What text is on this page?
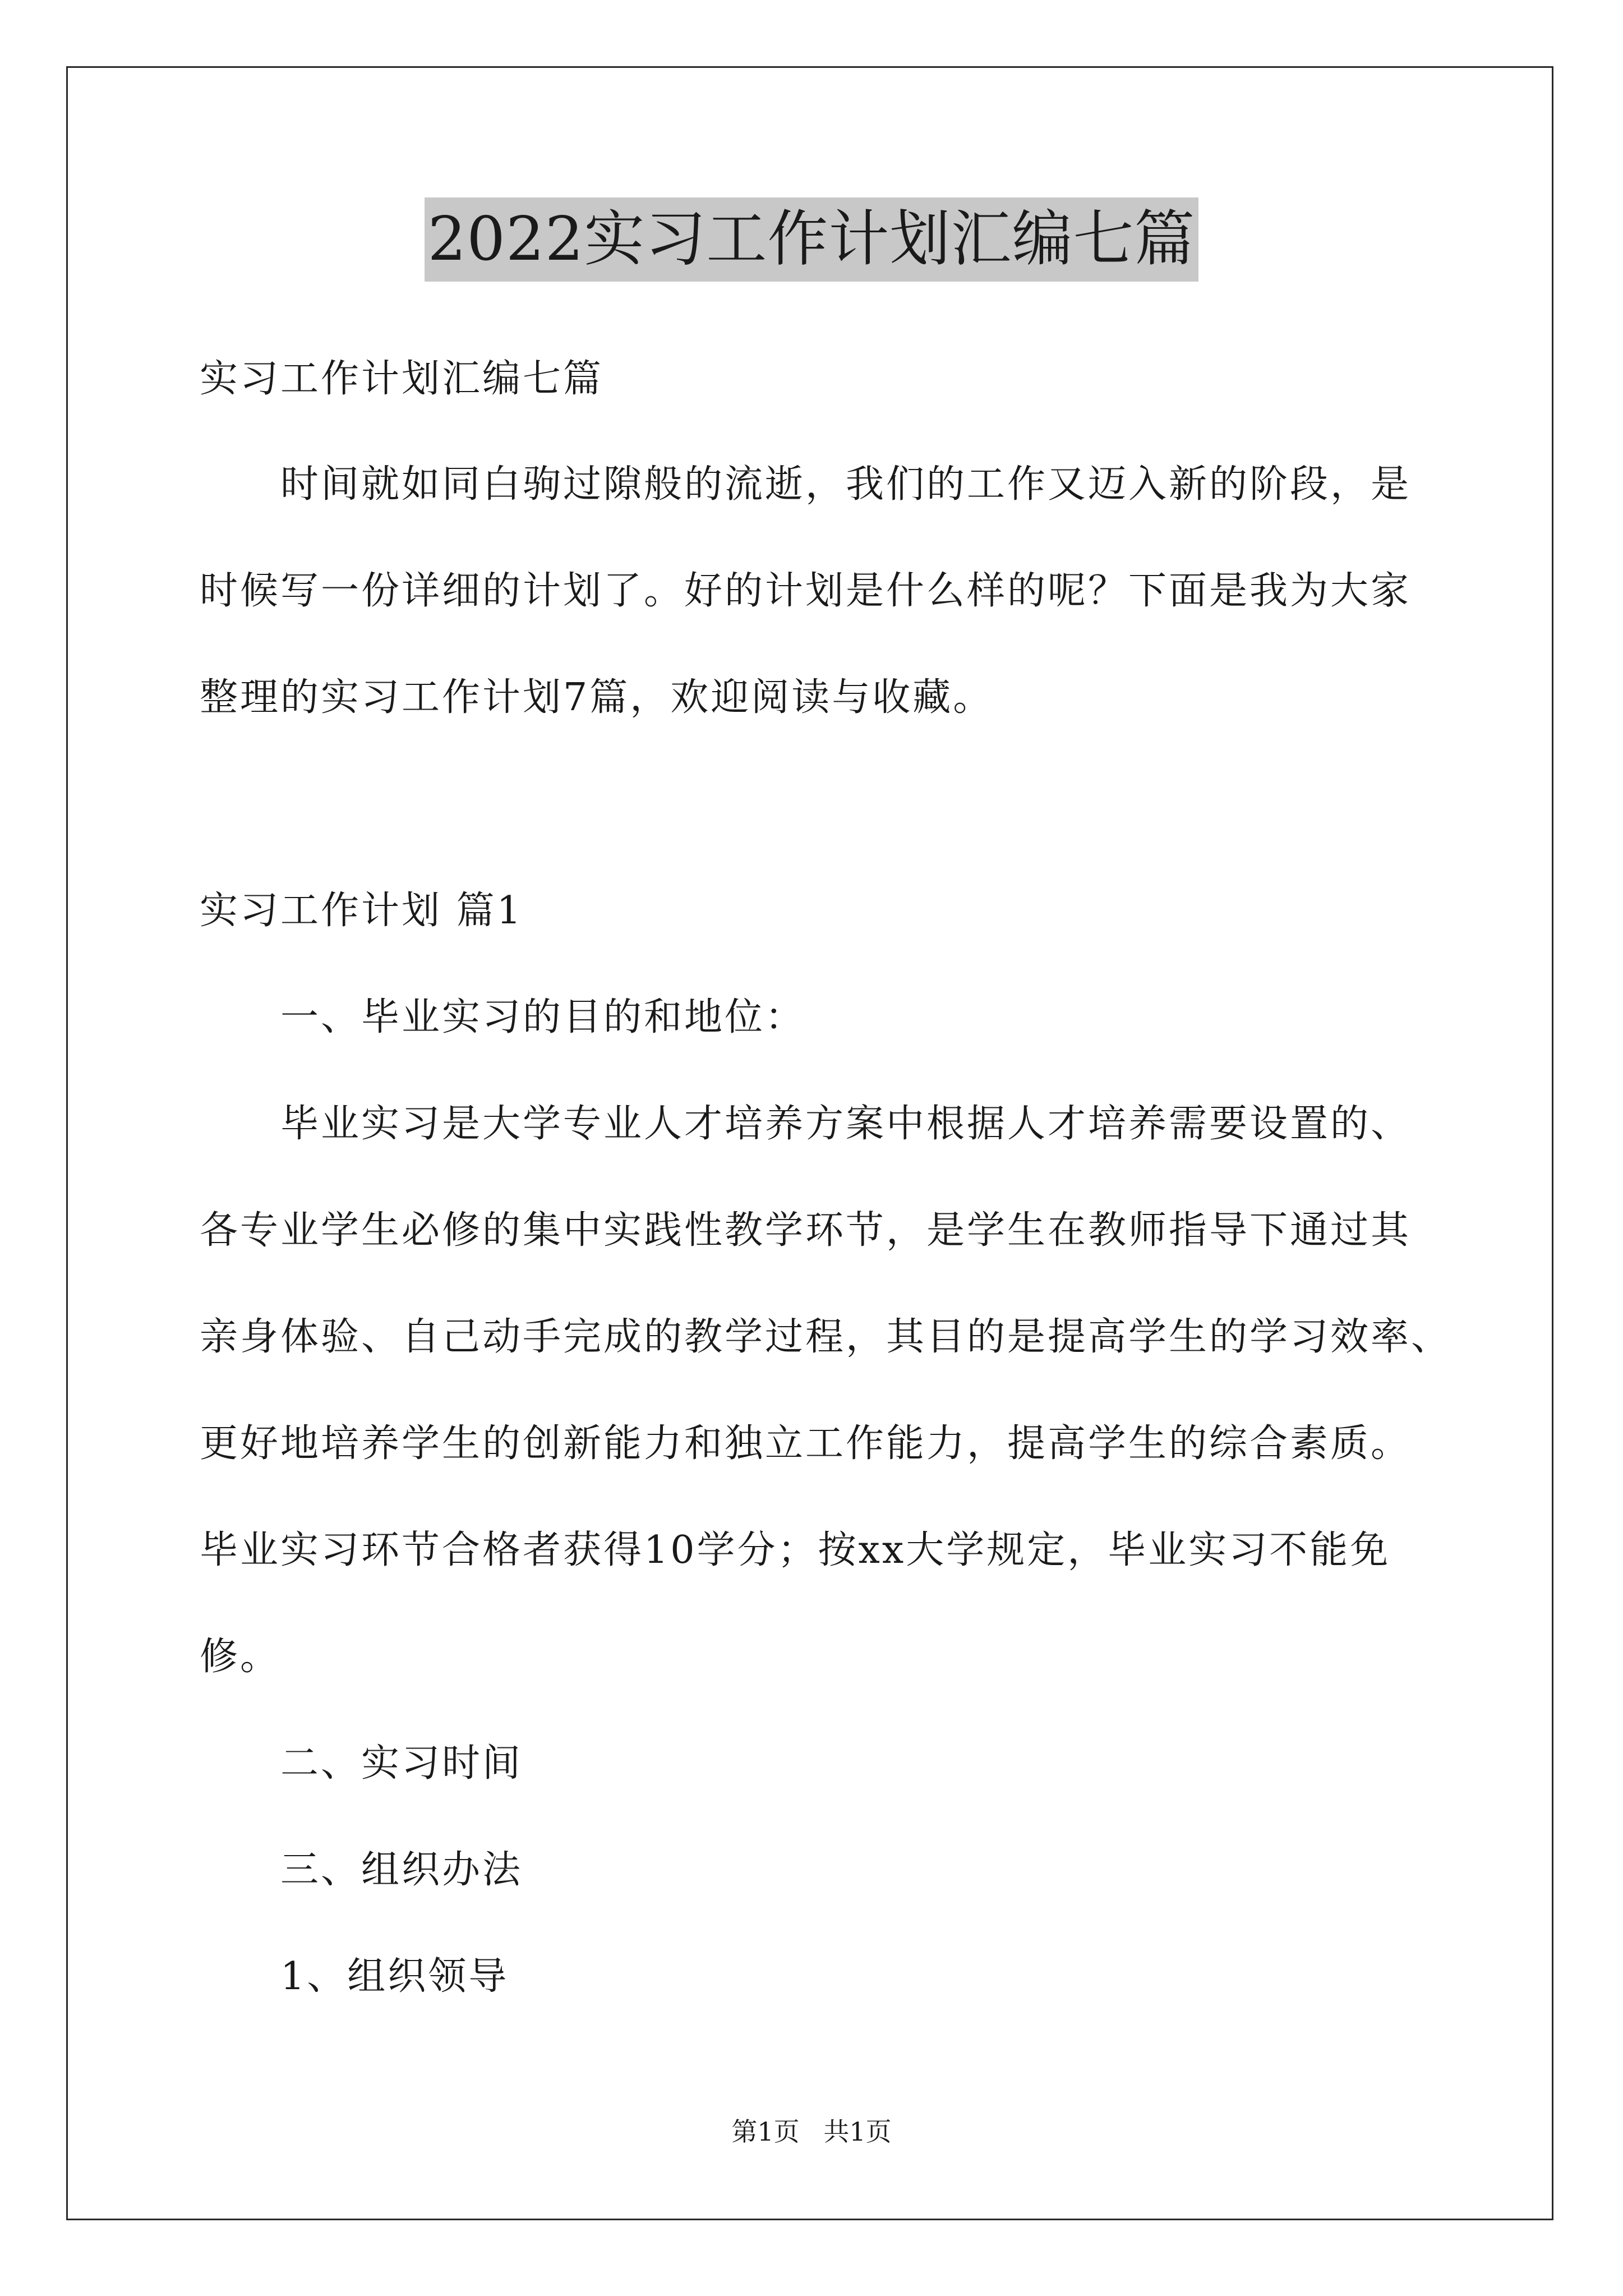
2022实习工作计划汇编七篇
实习工作计划汇编七篇
时间就如同白驹过隙般的流逝，我们的工作又迈入新的阶段，是
时候写一份详细的计划了。好的计划是什么样的呢？下面是我为大家
整理的实习工作计划7篇，欢迎阅读与收藏。
实习工作计划 篇1
一、毕业实习的目的和地位：
毕业实习是大学专业人才培养方案中根据人才培养需要设置的、
各专业学生必修的集中实践性教学环节，是学生在教师指导下通过其
亲身体验、自己动手完成的教学过程，其目的是提高学生的学习效率、
更好地培养学生的创新能力和独立工作能力，提高学生的综合素质。
毕业实习环节合格者获得10学分；按xx大学规定，毕业实习不能免
修。
二、实习时间
三、组织办法
1、组织领导
第1页 共1页
